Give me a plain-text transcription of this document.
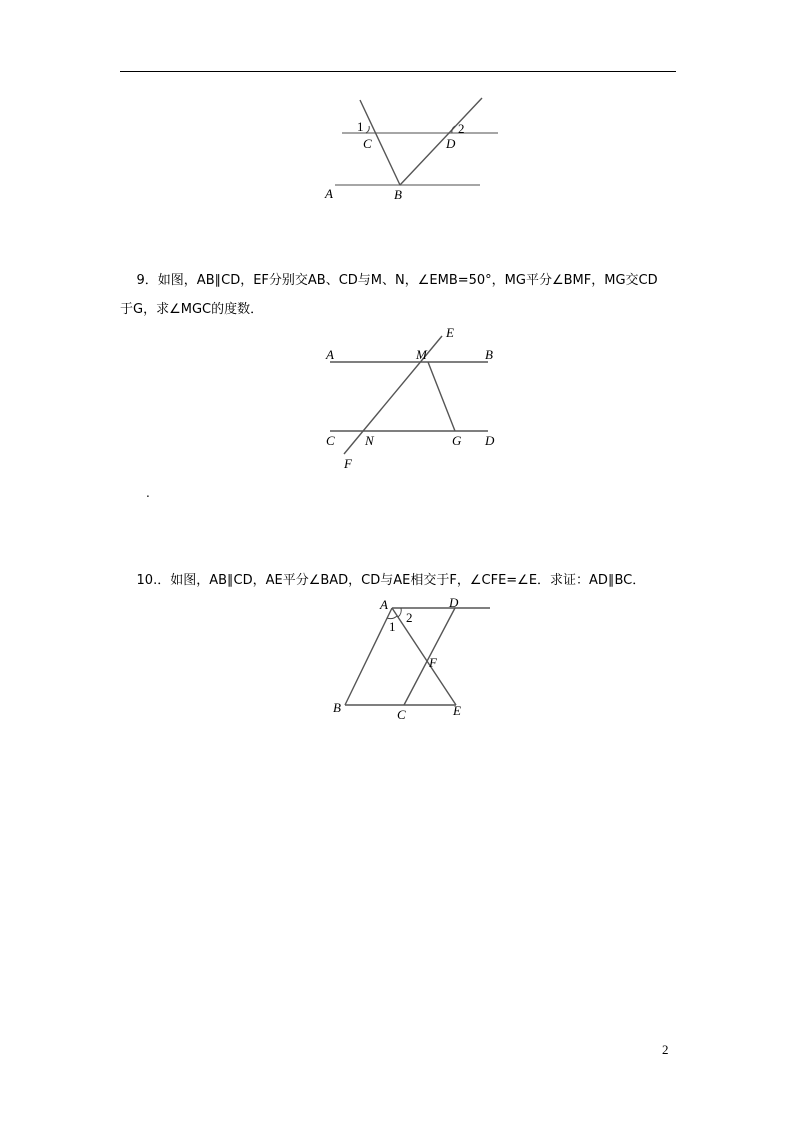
1	2
C	D
A	B
9．如图，AB∥CD，EF分别交AB、CD与M、N，∠EMB=50°，MG平分∠BMF，MG交CD
于G，求∠MGC的度数．
A	M
E
B
C N	G D
F
.
10.．如图，AB∥CD，AE平分∠BAD，CD与AE相交于F，∠CFE=∠E．求证：AD∥BC．
A	D
1
2
F
B	C	E
2
